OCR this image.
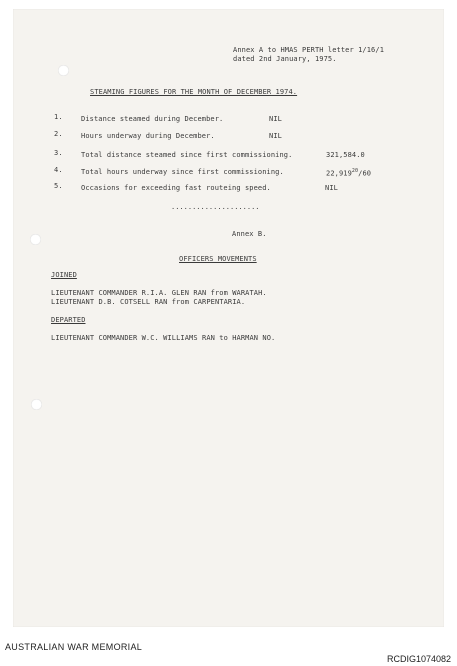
Annex A to HMAS PERTH letter 1/16/1
dated 2nd January, 1975.
STEAMING FIGURES FOR THE MONTH OF DECEMBER 1974.
1.	Distance steamed during December.	NIL
2.	Hours underway during December.	NIL
3.	Total distance steamed since first commissioning.	321,584.0
4.	Total hours underway since first commissioning.	22,919$^{20}$/60
5.	Occasions for exceeding fast routeing speed.	NIL
.....................
Annex B.
OFFICERS MOVEMENTS
JOINED
LIEUTENANT COMMANDER R.I.A. GLEN RAN from WARATAH.
LIEUTENANT D.B. COTSELL RAN from CARPENTARIA.
DEPARTED
LIEUTENANT COMMANDER W.C. WILLIAMS RAN to HARMAN NO.
AUSTRALIAN WAR MEMORIAL
RCDIG1074082
